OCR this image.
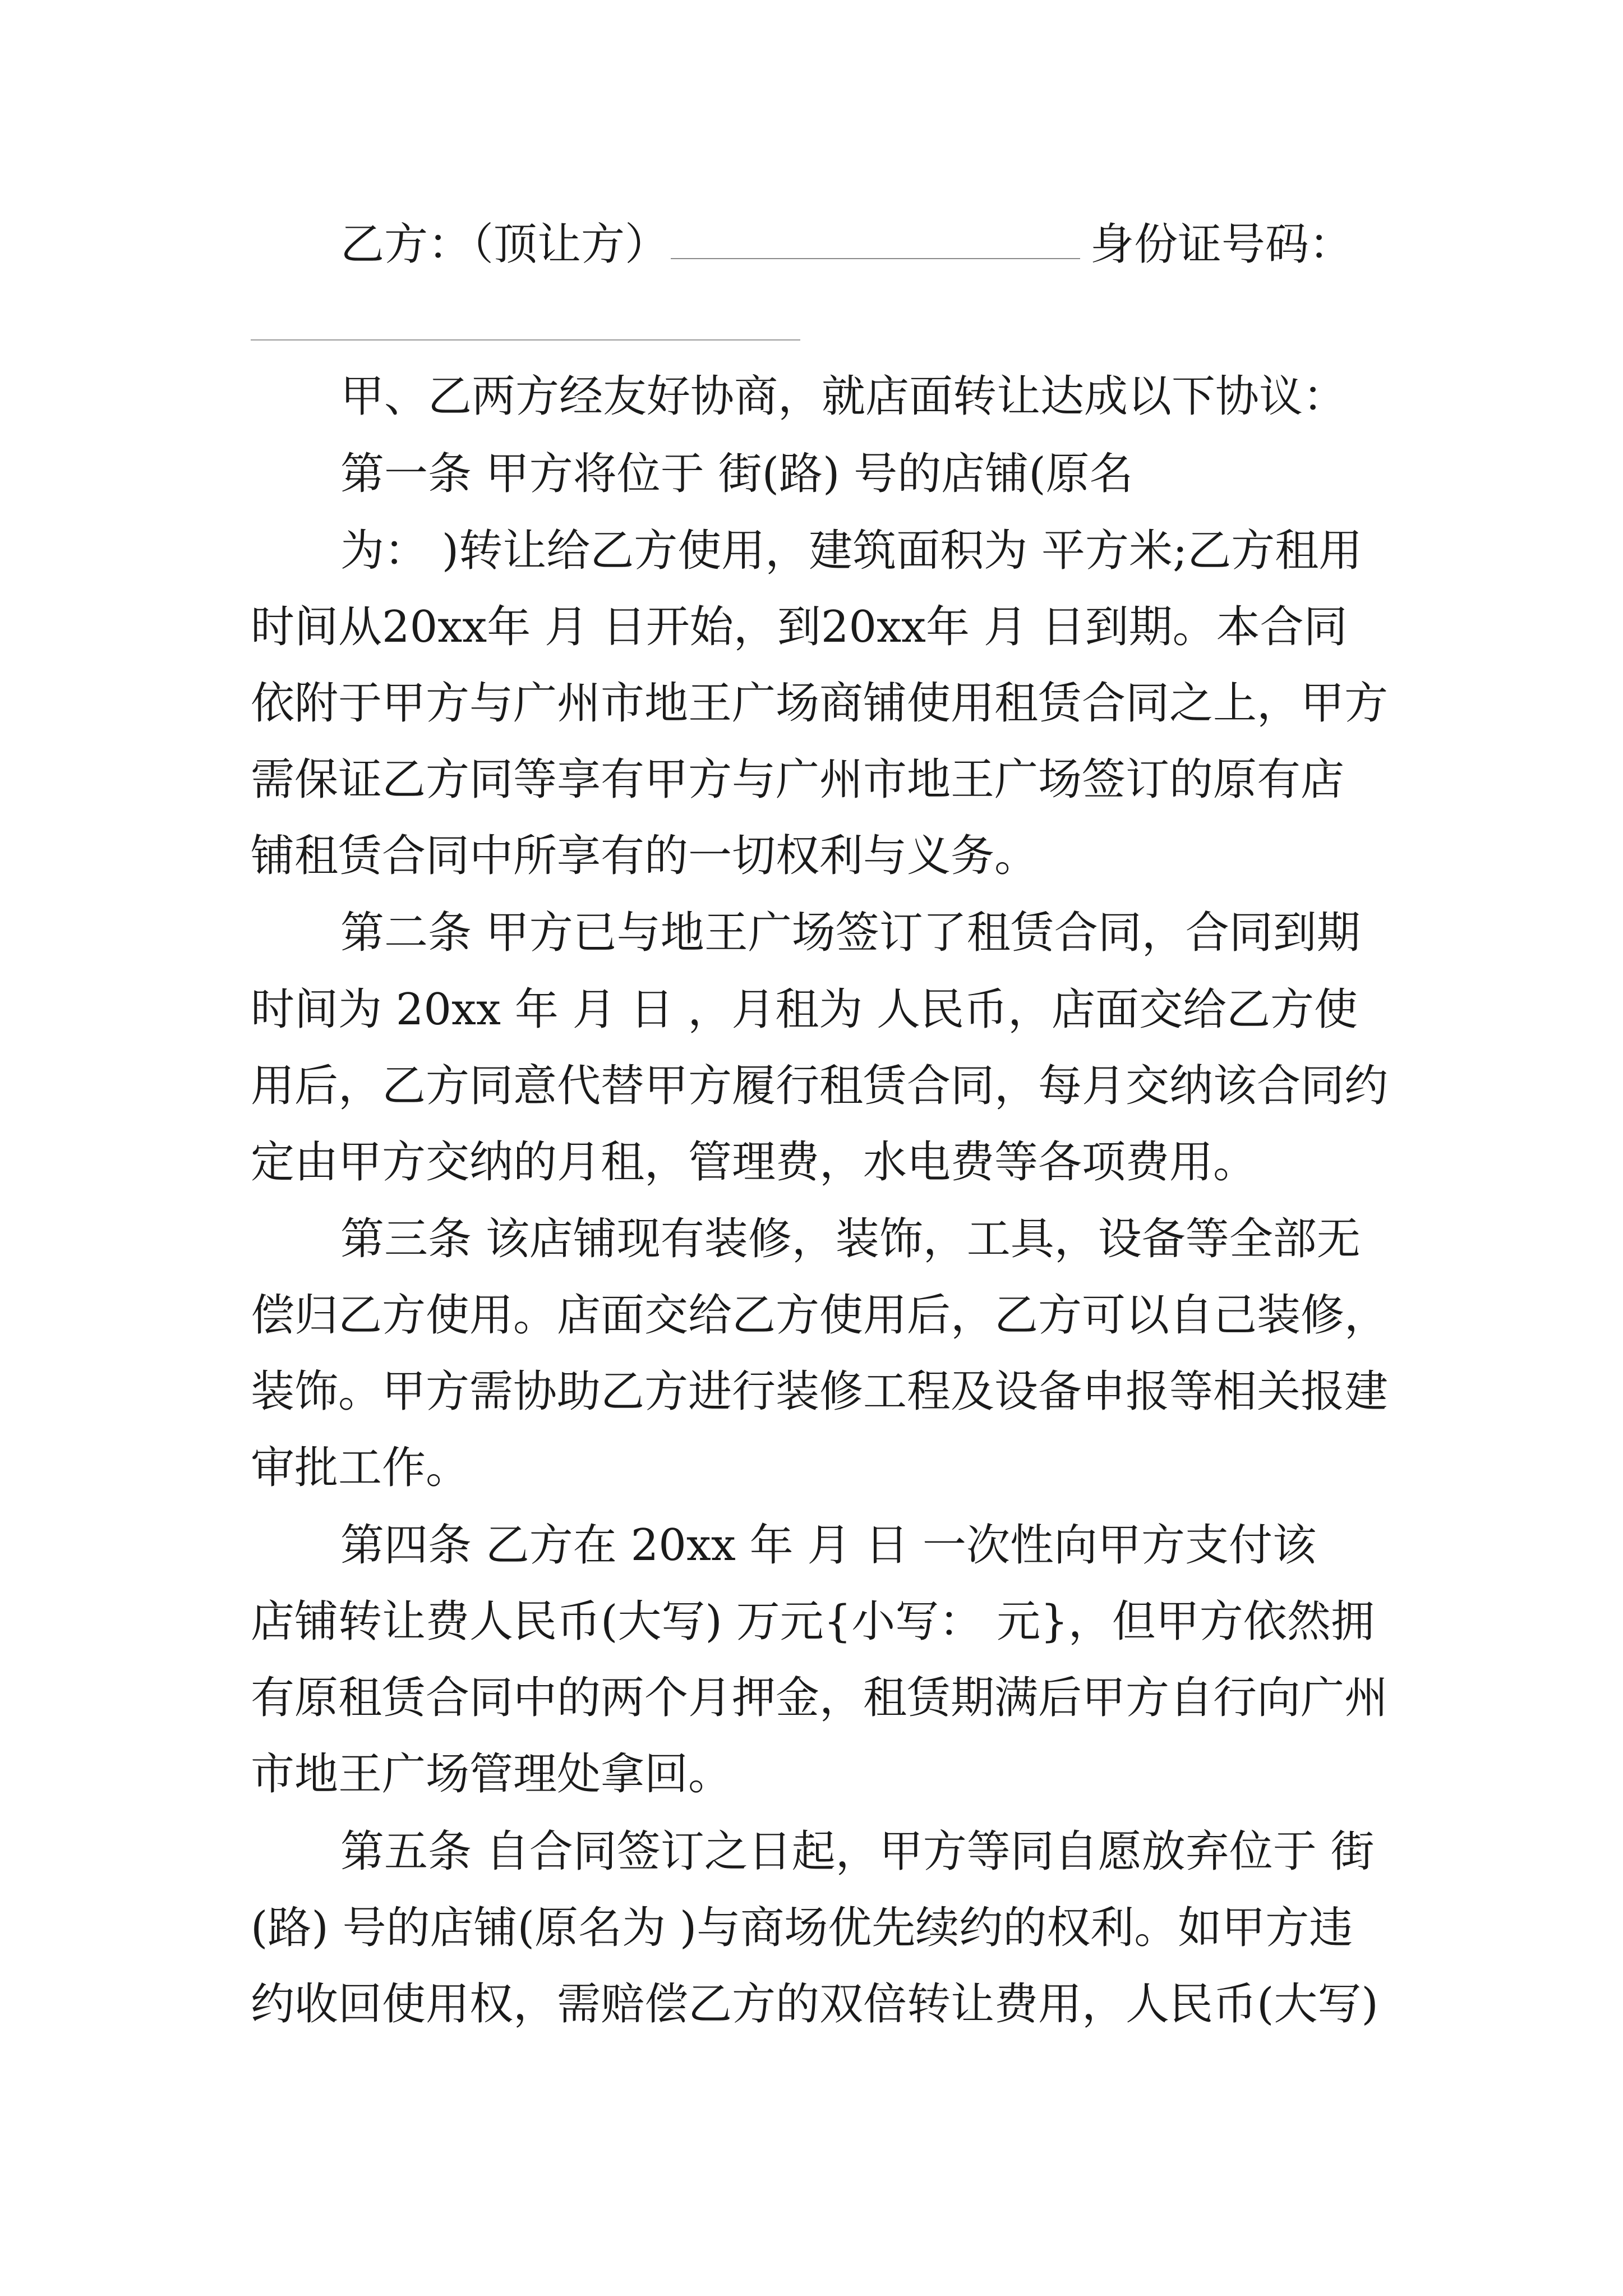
乙方：（顶让方）	身份证号码：

甲、乙两方经友好协商，就店面转让达成以下协议：

第一条 甲方将位于 街(路) 号的店铺(原名

为： )转让给乙方使用，建筑面积为 平方米;乙方租用

时间从20xx年 月 日开始，到20xx年 月 日到期。本合同

依附于甲方与广州市地王广场商铺使用租赁合同之上，甲方

需保证乙方同等享有甲方与广州市地王广场签订的原有店

铺租赁合同中所享有的一切权利与义务。

第二条 甲方已与地王广场签订了租赁合同，合同到期

时间为 20xx 年 月 日 ，月租为 人民币，店面交给乙方使

用后，乙方同意代替甲方履行租赁合同，每月交纳该合同约

定由甲方交纳的月租，管理费，水电费等各项费用。

第三条 该店铺现有装修，装饰，工具，设备等全部无

偿归乙方使用。店面交给乙方使用后，乙方可以自己装修，

装饰。甲方需协助乙方进行装修工程及设备申报等相关报建

审批工作。

第四条 乙方在 20xx 年 月 日 一次性向甲方支付该

店铺转让费人民币(大写) 万元{小写： 元}，但甲方依然拥

有原租赁合同中的两个月押金，租赁期满后甲方自行向广州

市地王广场管理处拿回。

第五条 自合同签订之日起，甲方等同自愿放弃位于 街

(路) 号的店铺(原名为 )与商场优先续约的权利。如甲方违

约收回使用权，需赔偿乙方的双倍转让费用，人民币(大写)
